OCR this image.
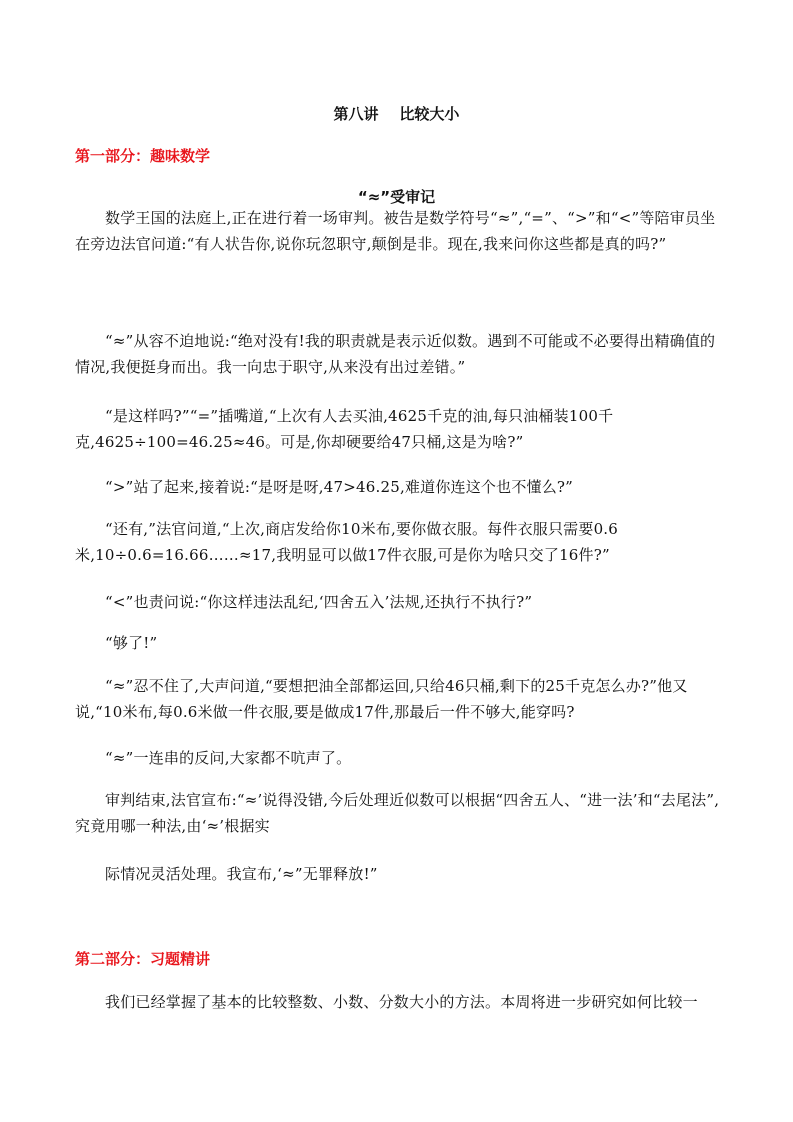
第八讲    比较大小
第一部分：趣味数学
“≈”受审记
数学王国的法庭上,正在进行着一场审判。被告是数学符号“≈”,“=”、“>”和“<”等陪审员坐在旁边法官问道:“有人状告你,说你玩忽职守,颠倒是非。现在,我来问你这些都是真的吗?”
“≈”从容不迫地说:“绝对没有!我的职责就是表示近似数。遇到不可能或不必要得出精确值的情况,我便挺身而出。我一向忠于职守,从来没有出过差错。”
“是这样吗?”“=”插嘴道,“上次有人去买油,4625千克的油,每只油桶装100千克,4625÷100=46.25≈46。可是,你却硬要给47只桶,这是为啥?”
“>”站了起来,接着说:“是呀是呀,47>46.25,难道你连这个也不懂么?”
“还有,”法官问道,“上次,商店发给你10米布,要你做衣服。每件衣服只需要0.6米,10÷0.6=16.66……≈17,我明显可以做17件衣服,可是你为啥只交了16件?”
“<”也责问说:“你这样违法乱纪,‘四舍五入’法规,还执行不执行?”
“够了!”
“≈”忍不住了,大声问道,“要想把油全部都运回,只给46只桶,剩下的25千克怎么办?”他又说,“10米布,每0.6米做一件衣服,要是做成17件,那最后一件不够大,能穿吗?
“≈”一连串的反问,大家都不吭声了。
审判结束,法官宣布:“≈’说得没错,今后处理近似数可以根据“四舍五人、“进一法’和“去尾法”,究竟用哪一种法,由‘≈’根据实
际情况灵活处理。我宣布,‘≈”无罪释放!”
第二部分：习题精讲
我们已经掌握了基本的比较整数、小数、分数大小的方法。本周将进一步研究如何比较一
